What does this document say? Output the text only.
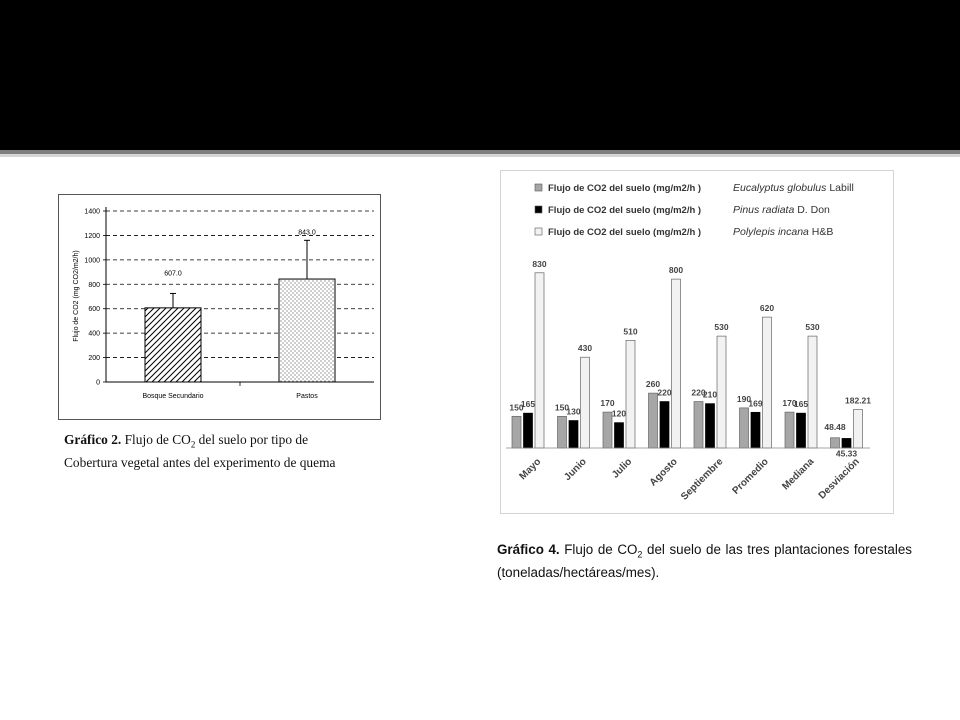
0
200
400
600
800
1000
1200
1400
Bosque Secundario	Pastos
607.0
843.0
Flujo de CO2 (mg CO2/m2/h)
Gráfico 2. Flujo de $CO_2$ del suelo por tipo de Cobertura vegetal antes del experimento de quema
Flujo de CO2 del suelo (mg/m2/h )	Eucalyptus globulus Labill
Flujo de CO2 del suelo (mg/m2/h )	Pinus radiata D. Don
Flujo de CO2 del suelo (mg/m2/h )	Polylepis incana H&B
150
165
830
150
130
430
170
120
510
260
220
800
220
210
530
190
169
620
170
165
530
48.48
45.33
182.21
Mayo Junio Julio Agosto Septiembre Promedio Mediana Desviación
Gráfico 4. Flujo de $CO_2$ del suelo de las tres plantaciones forestales (toneladas/hectáreas/mes).
